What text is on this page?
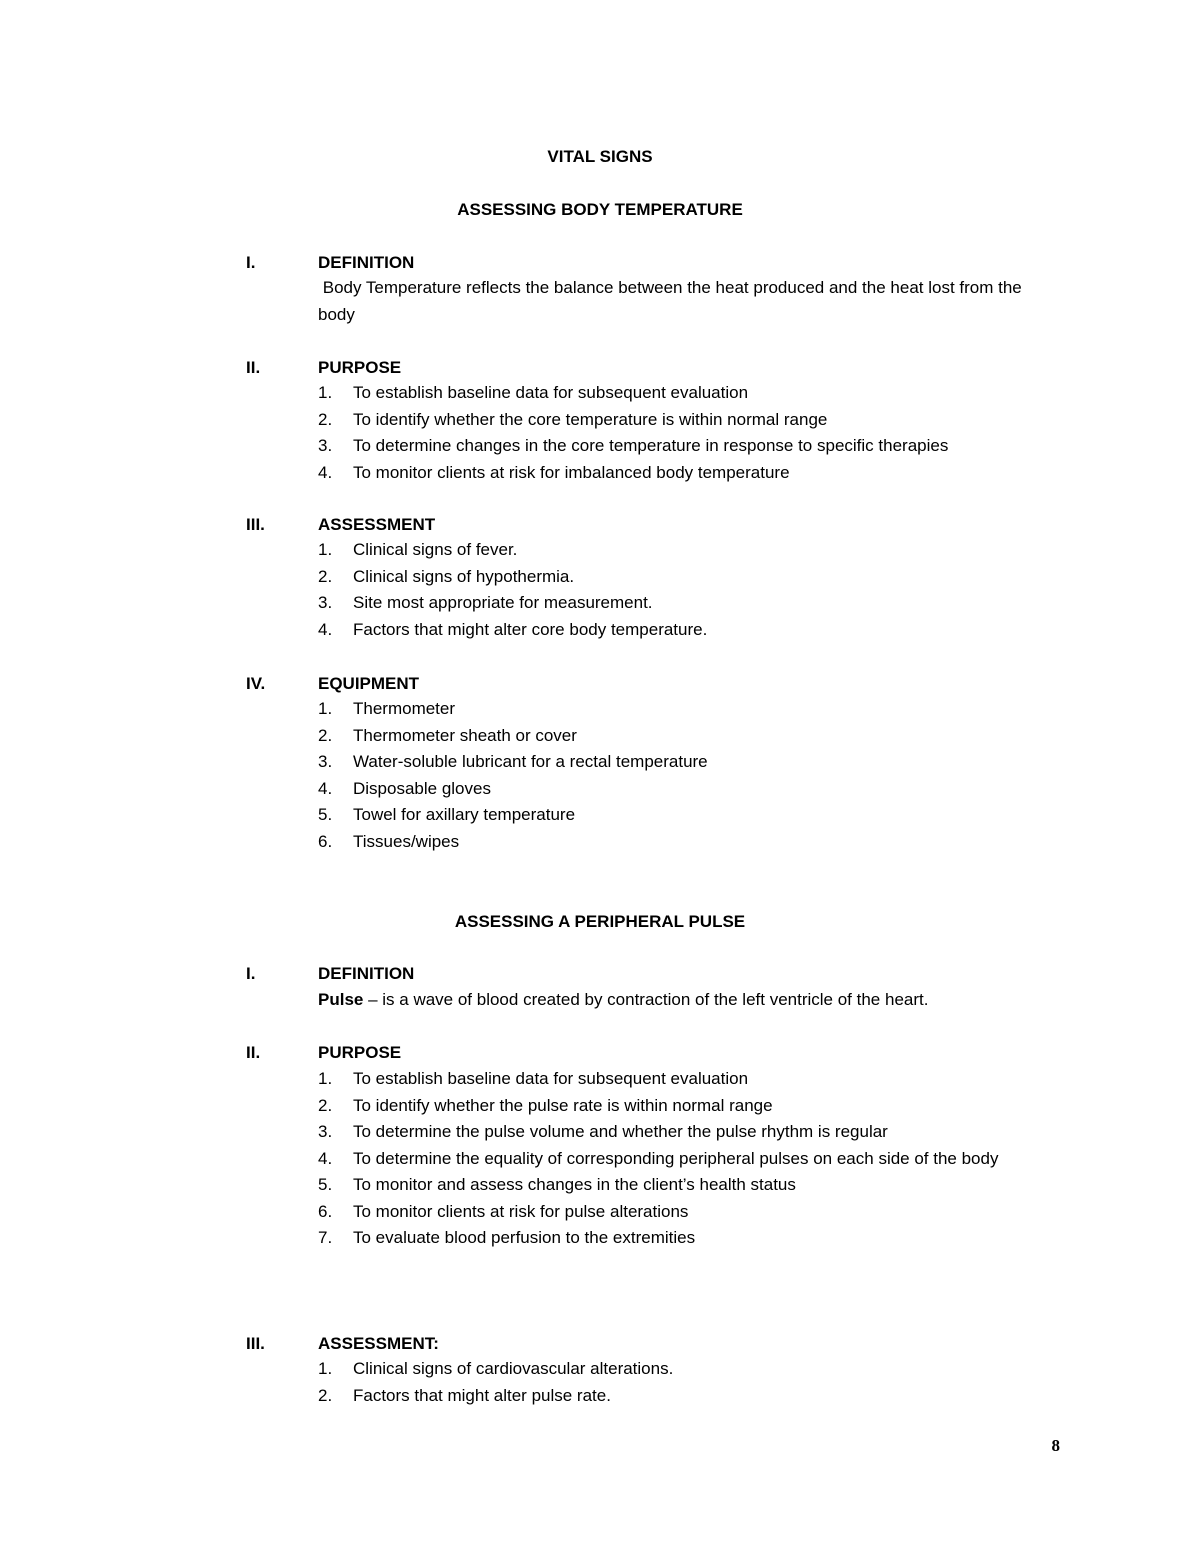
VITAL SIGNS
ASSESSING BODY TEMPERATURE
I.	DEFINITION
Body Temperature reflects the balance between the heat produced and the heat lost from the body
II.	PURPOSE
1.	To establish baseline data for subsequent evaluation
2.	To identify whether the core temperature is within normal range
3.	To determine changes in the core temperature in response to specific therapies
4.	To monitor clients at risk for imbalanced body temperature
III.	ASSESSMENT
1.	Clinical signs of fever.
2.	Clinical signs of hypothermia.
3.	Site most appropriate for measurement.
4.	Factors that might alter core body temperature.
IV.	EQUIPMENT
1.	Thermometer
2.	Thermometer sheath or cover
3.	Water-soluble lubricant for a rectal temperature
4.	Disposable gloves
5.	Towel for axillary temperature
6.	Tissues/wipes
ASSESSING A PERIPHERAL PULSE
I.	DEFINITION
Pulse – is a wave of blood created by contraction of the left ventricle of the heart.
II.	PURPOSE
1.	To establish baseline data for subsequent evaluation
2.	To identify whether the pulse rate is within normal range
3.	To determine the pulse volume and whether the pulse rhythm is regular
4.	To determine the equality of corresponding peripheral pulses on each side of the body
5.	To monitor and assess changes in the client’s health status
6.	To monitor clients at risk for pulse alterations
7.	To evaluate blood perfusion to the extremities
III.	ASSESSMENT:
1.	Clinical signs of cardiovascular alterations.
2.	Factors that might alter pulse rate.
8
